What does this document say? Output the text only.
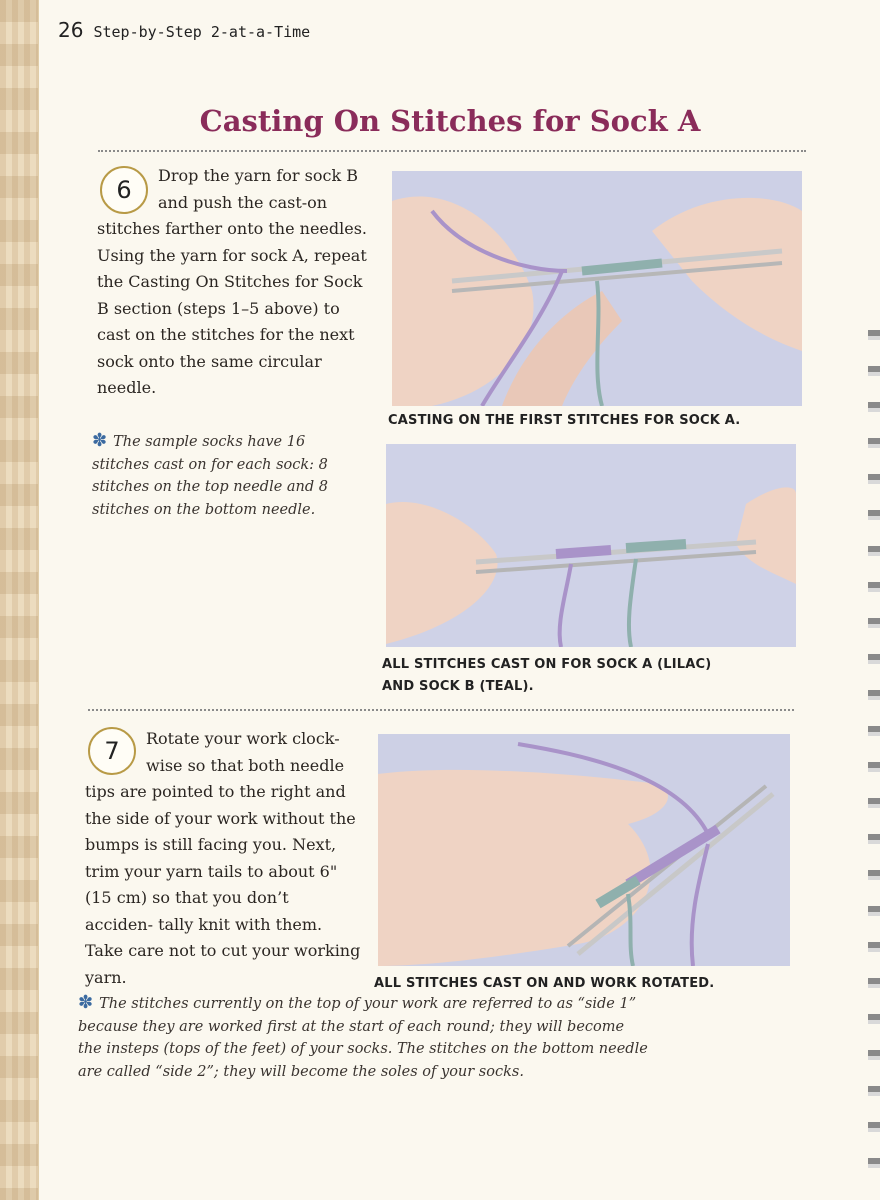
26 Step-by-Step 2-at-a-Time
Casting On Stitches for Sock A
6
Drop the yarn for sock B and push the cast-on
stitches farther onto the needles. Using the yarn for sock A, repeat the Casting On Stitches for Sock B section (steps 1–5 above) to cast on the stitches for the next sock onto the same circular needle.
✽ The sample socks have 16 stitches cast on for each sock: 8 stitches on the top needle and 8 stitches on the bottom needle.
CASTING ON THE FIRST STITCHES FOR SOCK A.
ALL STITCHES CAST ON FOR SOCK A (LILAC) AND SOCK B (TEAL).
7	Rotate your work clock- wise so that both needle
tips are pointed to the right and the side of your work without the bumps is still facing you. Next, trim your yarn tails to about 6" (15 cm) so that you don’t acciden- tally knit with them. Take care not to cut your working yarn.	ALL STITCHES CAST ON AND WORK ROTATED.
✽ The stitches currently on the top of your work are referred to as “side 1” because they are worked first at the start of each round; they will become the insteps (tops of the feet) of your socks. The stitches on the bottom needle are called “side 2”; they will become the soles of your socks.
